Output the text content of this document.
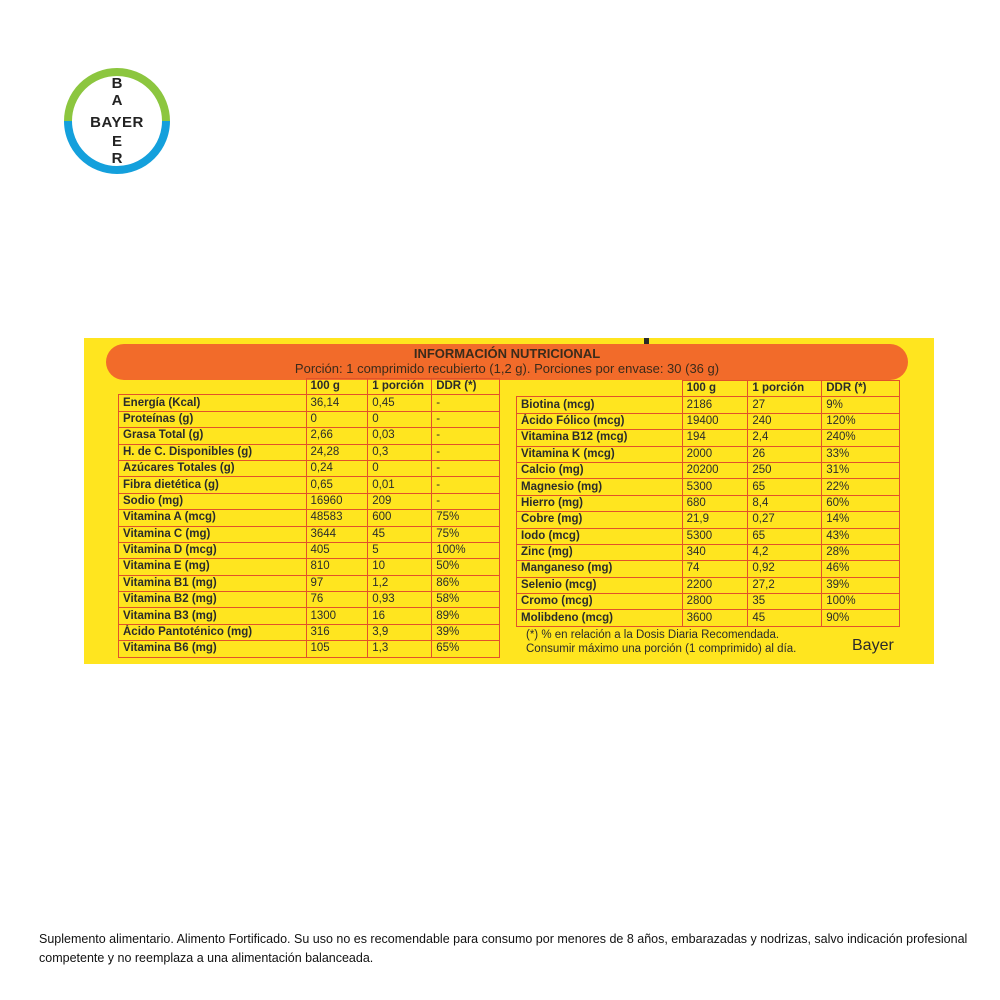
B
A
BAYER
E
R
INFORMACIÓN NUTRICIONAL
Porción: 1 comprimido recubierto (1,2 g). Porciones por envase: 30 (36 g)
	100 g	1 porción	DDR (*)
Energía (Kcal)	36,14	0,45	-
Proteínas (g)	0	0	-
Grasa Total (g)	2,66	0,03	-
H. de C. Disponibles (g)	24,28	0,3	-
Azúcares Totales (g)	0,24	0	-
Fibra dietética (g)	0,65	0,01	-
Sodio (mg)	16960	209	-
Vitamina A (mcg)	48583	600	75%
Vitamina C (mg)	3644	45	75%
Vitamina D (mcg)	405	5	100%
Vitamina E (mg)	810	10	50%
Vitamina B1 (mg)	97	1,2	86%
Vitamina B2 (mg)	76	0,93	58%
Vitamina B3 (mg)	1300	16	89%
Ácido Pantoténico (mg)	316	3,9	39%
Vitamina B6 (mg)	105	1,3	65%
	100 g	1 porción	DDR (*)
Biotina (mcg)	2186	27	9%
Ácido Fólico (mcg)	19400	240	120%
Vitamina B12 (mcg)	194	2,4	240%
Vitamina K (mcg)	2000	26	33%
Calcio (mg)	20200	250	31%
Magnesio (mg)	5300	65	22%
Hierro (mg)	680	8,4	60%
Cobre (mg)	21,9	0,27	14%
Iodo (mcg)	5300	65	43%
Zinc (mg)	340	4,2	28%
Manganeso (mg)	74	0,92	46%
Selenio (mcg)	2200	27,2	39%
Cromo (mcg)	2800	35	100%
Molibdeno (mcg)	3600	45	90%
(*) % en relación a la Dosis Diaria Recomendada.
Consumir máximo una porción (1 comprimido) al día.	Bayer
Suplemento alimentario. Alimento Fortificado. Su uso no es recomendable para consumo por menores de 8 años, embarazadas y nodrizas, salvo indicación profesional competente y no reemplaza a una alimentación balanceada.
